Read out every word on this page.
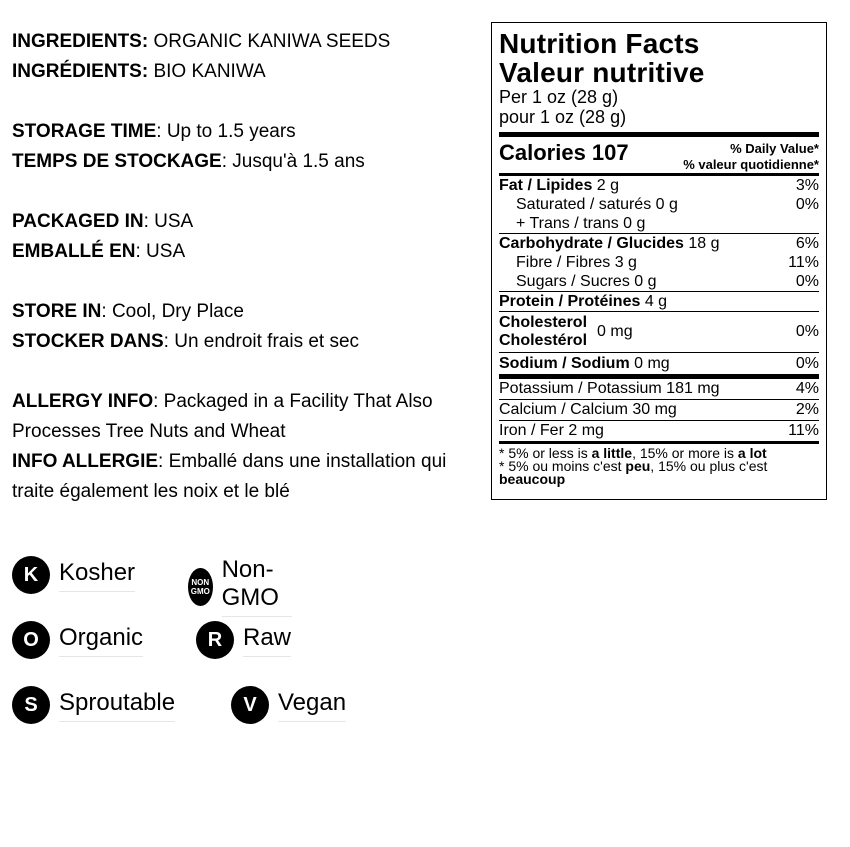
INGREDIENTS: ORGANIC KANIWA SEEDS
INGRÉDIENTS: BIO KANIWA
STORAGE TIME: Up to 1.5 years
TEMPS DE STOCKAGE: Jusqu'à 1.5 ans
PACKAGED IN: USA
EMBALLÉ EN: USA
STORE IN: Cool, Dry Place
STOCKER DANS: Un endroit frais et sec
ALLERGY INFO: Packaged in a Facility That Also Processes Tree Nuts and Wheat
INFO ALLERGIE: Emballé dans une installation qui traite également les noix et le blé
Nutrition Facts
Valeur nutritive
Per 1 oz (28 g)
pour 1 oz (28 g)
Calories 107	% Daily Value*
% valeur quotidienne*
Fat / Lipides 2 g	3%
Saturated / saturés 0 g	0%
+ Trans / trans 0 g
Carbohydrate / Glucides 18 g	6%
Fibre / Fibres 3 g	11%
Sugars / Sucres 0 g	0%
Protein / Protéines 4 g
Cholesterol
Cholestérol
0 mg	0%
Sodium / Sodium 0 mg	0%
Potassium / Potassium 181 mg	4%
Calcium / Calcium 30 mg	2%
Iron / Fer 2 mg	11%
* 5% or less is a little, 15% or more is a lot
* 5% ou moins c'est peu, 15% ou plus c'est beaucoup
K Kosher	NON
GMO
Non-GMO
O Organic	R Raw
S Sproutable	V Vegan
